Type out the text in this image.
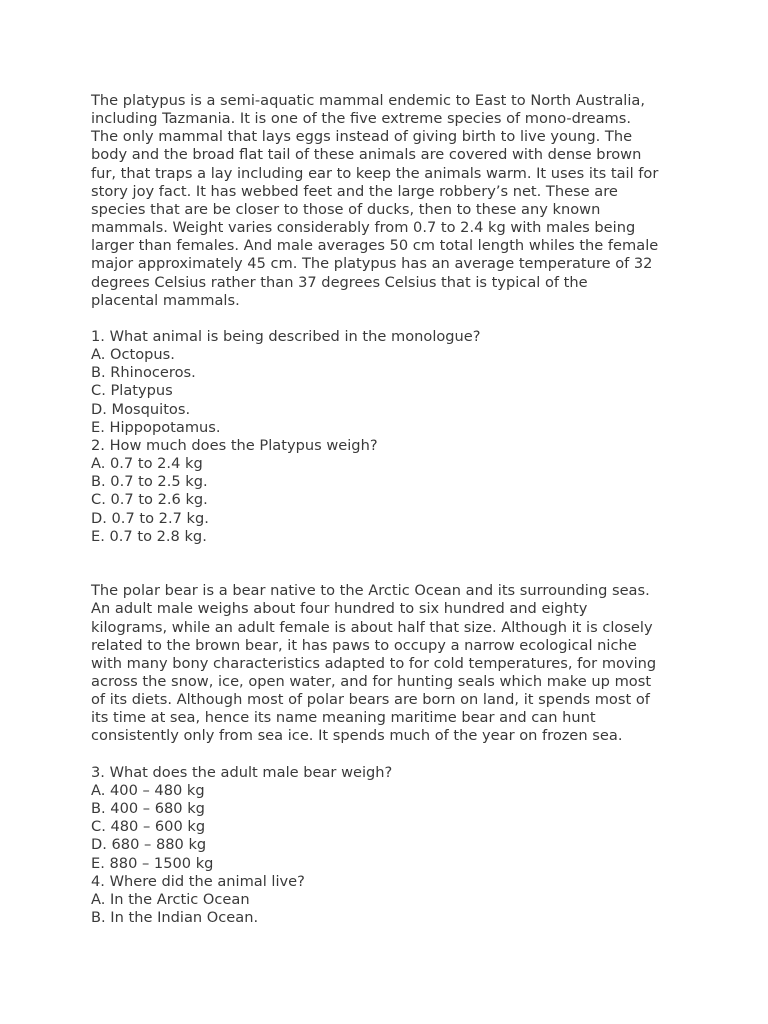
The platypus is a semi-aquatic mammal endemic to East to North Australia,

including Tazmania. It is one of the five extreme species of mono-dreams.

The only mammal that lays eggs instead of giving birth to live young. The

body and the broad flat tail of these animals are covered with dense brown

fur, that traps a lay including ear to keep the animals warm. It uses its tail for

story joy fact. It has webbed feet and the large robbery’s net. These are

species that are be closer to those of ducks, then to these any known

mammals. Weight varies considerably from 0.7 to 2.4 kg with males being

larger than females. And male averages 50 cm total length whiles the female

major approximately 45 cm. The platypus has an average temperature of 32

degrees Celsius rather than 37 degrees Celsius that is typical of the

placental mammals.

1. What animal is being described in the monologue?

A. Octopus.

B. Rhinoceros.

C. Platypus

D. Mosquitos.

E. Hippopotamus.

2. How much does the Platypus weigh?

A. 0.7 to 2.4 kg

B. 0.7 to 2.5 kg.

C. 0.7 to 2.6 kg.

D. 0.7 to 2.7 kg.

E. 0.7 to 2.8 kg.

The polar bear is a bear native to the Arctic Ocean and its surrounding seas.

An adult male weighs about four hundred to six hundred and eighty

kilograms, while an adult female is about half that size. Although it is closely

related to the brown bear, it has paws to occupy a narrow ecological niche

with many bony characteristics adapted to for cold temperatures, for moving

across the snow, ice, open water, and for hunting seals which make up most

of its diets. Although most of polar bears are born on land, it spends most of

its time at sea, hence its name meaning maritime bear and can hunt

consistently only from sea ice. It spends much of the year on frozen sea.

3. What does the adult male bear weigh?

A. 400 – 480 kg

B. 400 – 680 kg

C. 480 – 600 kg

D. 680 – 880 kg

E. 880 – 1500 kg

4. Where did the animal live?

A. In the Arctic Ocean

B. In the Indian Ocean.
